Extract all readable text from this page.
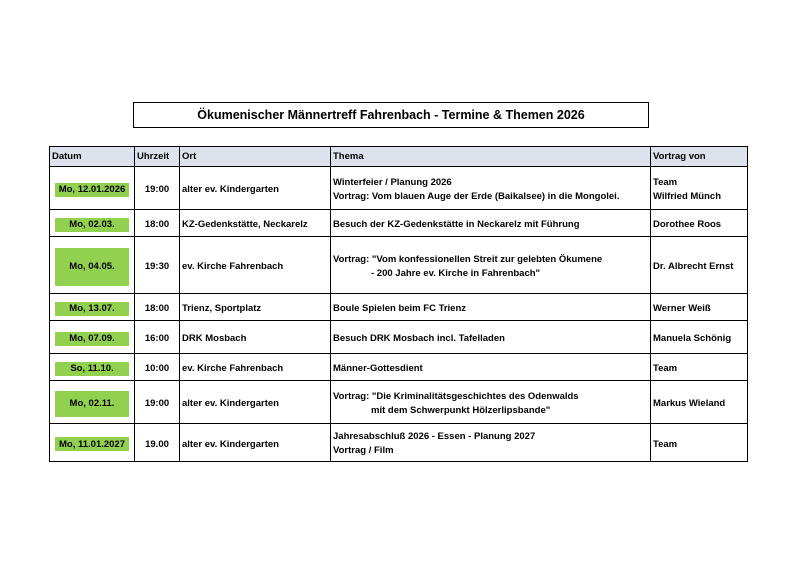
Ökumenischer Männertreff Fahrenbach - Termine & Themen 2026
Datum	Uhrzeit	Ort	Thema	Vortrag von

Mo, 12.01.2026	19:00	alter ev. Kindergarten	Winterfeier / Planung 2026
Vortrag: Vom blauen Auge der Erde (Baikalsee) in die Mongolei.	Team
Wilfried Münch

Mo, 02.03.	18:00	KZ-Gedenkstätte, Neckarelz	Besuch der KZ-Gedenkstätte in Neckarelz mit Führung	Dorothee Roos

Mo, 04.05.	19:30	ev. Kirche Fahrenbach	Vortrag: "Vom konfessionellen Streit zur gelebten Ökumene
- 200 Jahre ev. Kirche in Fahrenbach"	Dr. Albrecht Ernst

Mo, 13.07.	18:00	Trienz, Sportplatz	Boule Spielen beim FC Trienz	Werner Weiß

Mo, 07.09.	16:00	DRK Mosbach	Besuch DRK Mosbach incl. Tafelladen	Manuela Schönig

So, 11.10.	10:00	ev. Kirche Fahrenbach	Männer-Gottesdient	Team

Mo, 02.11.	19:00	alter ev. Kindergarten	Vortrag: "Die Kriminalitätsgeschichtes des Odenwalds
mit dem Schwerpunkt Hölzerlipsbande"	Markus Wieland

Mo, 11.01.2027	19.00	alter ev. Kindergarten	Jahresabschluß 2026 - Essen - Planung 2027
Vortrag / Film	Team
